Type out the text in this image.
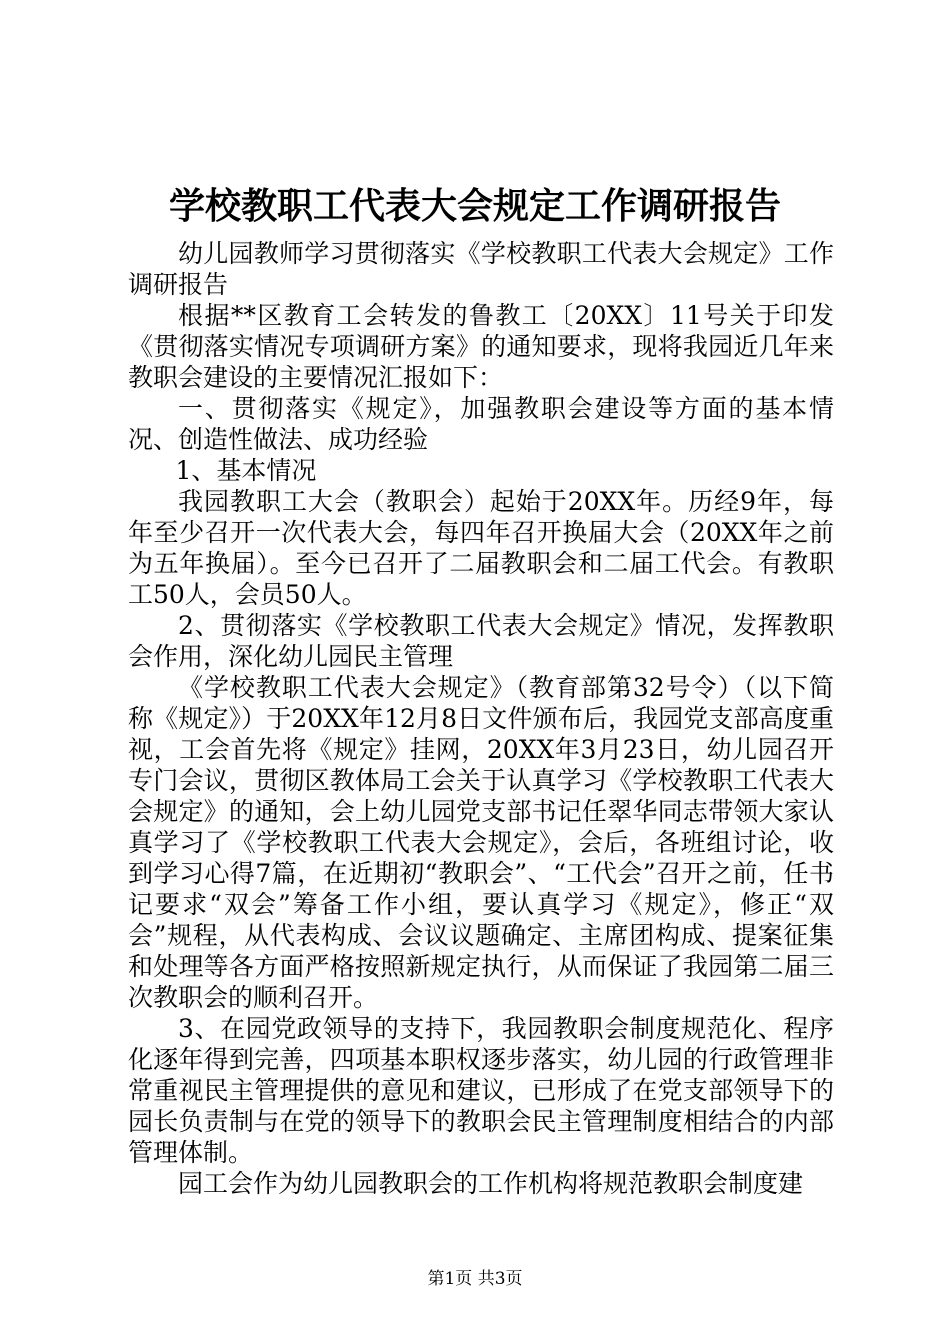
学校教职工代表大会规定工作调研报告

幼儿园教师学习贯彻落实《学校教职工代表大会规定》工作调研报告

根据**区教育工会转发的鲁教工〔20XX〕11号关于印发《贯彻落实情况专项调研方案》的通知要求，现将我园近几年来教职会建设的主要情况汇报如下：

一、贯彻落实《规定》，加强教职会建设等方面的基本情况、创造性做法、成功经验

1、基本情况

我园教职工大会（教职会）起始于20XX年。历经9年，每年至少召开一次代表大会，每四年召开换届大会（20XX年之前为五年换届）。至今已召开了二届教职会和二届工代会。有教职工50人，会员50人。

2、贯彻落实《学校教职工代表大会规定》情况，发挥教职会作用，深化幼儿园民主管理

《学校教职工代表大会规定》（教育部第32号令）（以下简称《规定》）于20XX年12月8日文件颁布后，我园党支部高度重视，工会首先将《规定》挂网，20XX年3月23日，幼儿园召开专门会议，贯彻区教体局工会关于认真学习《学校教职工代表大会规定》的通知，会上幼儿园党支部书记任翠华同志带领大家认真学习了《学校教职工代表大会规定》，会后，各班组讨论，收到学习心得7篇，在近期初“教职会”、“工代会”召开之前，任书记要求“双会”筹备工作小组，要认真学习《规定》，修正“双会”规程，从代表构成、会议议题确定、主席团构成、提案征集和处理等各方面严格按照新规定执行，从而保证了我园第二届三次教职会的顺利召开。

3、在园党政领导的支持下，我园教职会制度规范化、程序化逐年得到完善，四项基本职权逐步落实，幼儿园的行政管理非常重视民主管理提供的意见和建议，已形成了在党支部领导下的园长负责制与在党的领导下的教职会民主管理制度相结合的内部管理体制。

园工会作为幼儿园教职会的工作机构将规范教职会制度建

第1页 共3页
